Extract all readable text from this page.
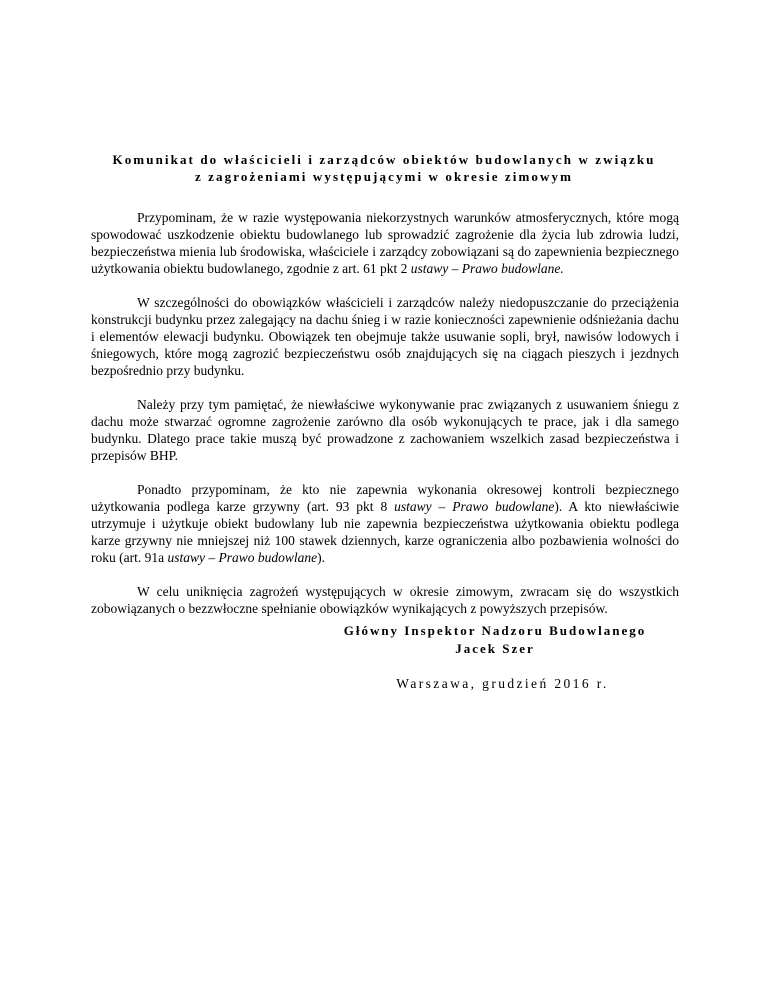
Komunikat do właścicieli i zarządców obiektów budowlanych w związku
z zagrożeniami występującymi w okresie zimowym

Przypominam, że w razie występowania niekorzystnych warunków atmosferycznych, które mogą spowodować uszkodzenie obiektu budowlanego lub sprowadzić zagrożenie dla życia lub zdrowia ludzi, bezpieczeństwa mienia lub środowiska, właściciele i zarządcy zobowiązani są do zapewnienia bezpiecznego użytkowania obiektu budowlanego, zgodnie z art. 61 pkt 2 ustawy – Prawo budowlane.

W szczególności do obowiązków właścicieli i zarządców należy niedopuszczanie do przeciążenia konstrukcji budynku przez zalegający na dachu śnieg i w razie konieczności zapewnienie odśnieżania dachu i elementów elewacji budynku. Obowiązek ten obejmuje także usuwanie sopli, brył, nawisów lodowych i śniegowych, które mogą zagrozić bezpieczeństwu osób znajdujących się na ciągach pieszych i jezdnych bezpośrednio przy budynku.

Należy przy tym pamiętać, że niewłaściwe wykonywanie prac związanych z usuwaniem śniegu z dachu może stwarzać ogromne zagrożenie zarówno dla osób wykonujących te prace, jak i dla samego budynku. Dlatego prace takie muszą być prowadzone z zachowaniem wszelkich zasad bezpieczeństwa i przepisów BHP.

Ponadto przypominam, że kto nie zapewnia wykonania okresowej kontroli bezpiecznego użytkowania podlega karze grzywny (art. 93 pkt 8 ustawy – Prawo budowlane). A kto niewłaściwie utrzymuje i użytkuje obiekt budowlany lub nie zapewnia bezpieczeństwa użytkowania obiektu podlega karze grzywny nie mniejszej niż 100 stawek dziennych, karze ograniczenia albo pozbawienia wolności do roku (art. 91a ustawy – Prawo budowlane).

W celu uniknięcia zagrożeń występujących w okresie zimowym, zwracam się do wszystkich zobowiązanych o bezzwłoczne spełnianie obowiązków wynikających z powyższych przepisów.

Główny Inspektor Nadzoru Budowlanego
Jacek Szer
Warszawa, grudzień 2016 r.
